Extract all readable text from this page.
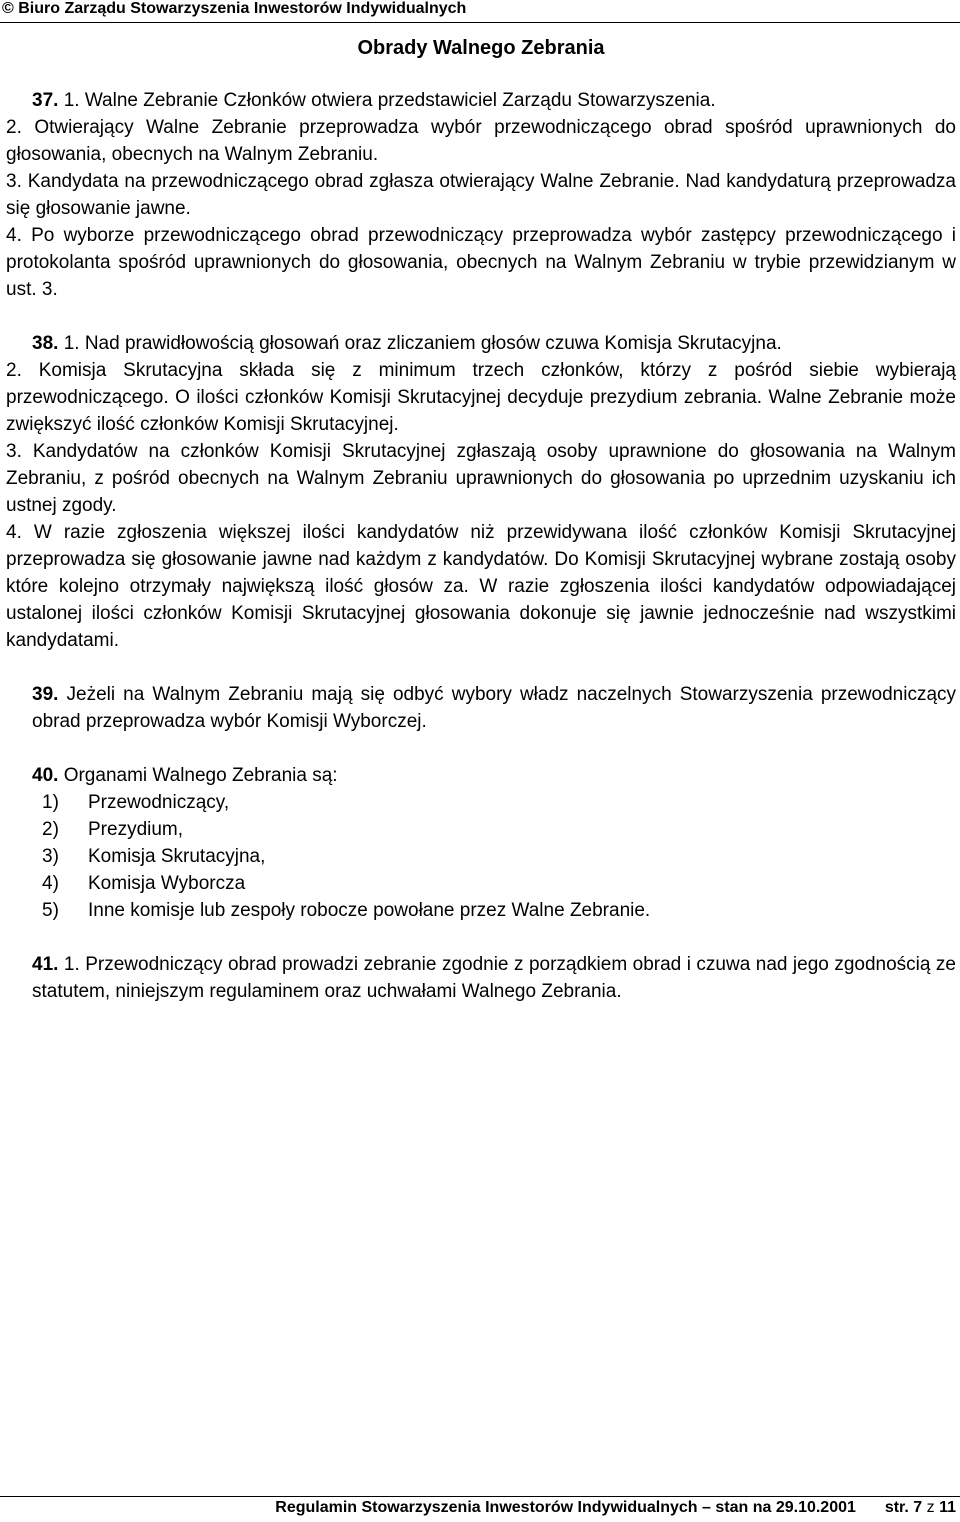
© Biuro Zarządu Stowarzyszenia Inwestorów Indywidualnych
Obrady Walnego Zebrania

37. 1. Walne Zebranie Członków otwiera przedstawiciel Zarządu Stowarzyszenia.

2. Otwierający Walne Zebranie przeprowadza wybór przewodniczącego obrad spośród uprawnionych do głosowania, obecnych na Walnym Zebraniu.

3. Kandydata na przewodniczącego obrad zgłasza otwierający Walne Zebranie. Nad kandydaturą przeprowadza się głosowanie jawne.

4. Po wyborze przewodniczącego obrad przewodniczący przeprowadza wybór zastępcy przewodniczącego i protokolanta spośród uprawnionych do głosowania, obecnych na Walnym Zebraniu w trybie przewidzianym w ust. 3.

38. 1. Nad prawidłowością głosowań oraz zliczaniem głosów czuwa Komisja Skrutacyjna.

2. Komisja Skrutacyjna składa się z minimum trzech członków, którzy z pośród siebie wybierają przewodniczącego. O ilości członków Komisji Skrutacyjnej decyduje prezydium zebrania. Walne Zebranie może zwiększyć ilość członków Komisji Skrutacyjnej.

3. Kandydatów na członków Komisji Skrutacyjnej zgłaszają osoby uprawnione do głosowania na Walnym Zebraniu, z pośród obecnych na Walnym Zebraniu uprawnionych do głosowania po uprzednim uzyskaniu ich ustnej zgody.

4. W razie zgłoszenia większej ilości kandydatów niż przewidywana ilość członków Komisji Skrutacyjnej przeprowadza się głosowanie jawne nad każdym z kandydatów. Do Komisji Skrutacyjnej wybrane zostają osoby które kolejno otrzymały największą ilość głosów za. W razie zgłoszenia ilości kandydatów odpowiadającej ustalonej ilości członków Komisji Skrutacyjnej głosowania dokonuje się jawnie jednocześnie nad wszystkimi kandydatami.

39. Jeżeli na Walnym Zebraniu mają się odbyć wybory władz naczelnych Stowarzyszenia przewodniczący obrad przeprowadza wybór Komisji Wyborczej.

40. Organami Walnego Zebrania są:

1)	Przewodniczący,
2)	Prezydium,
3)	Komisja Skrutacyjna,
4)	Komisja Wyborcza
5)	Inne komisje lub zespoły robocze powołane przez Walne Zebranie.

41. 1. Przewodniczący obrad prowadzi zebranie zgodnie z porządkiem obrad i czuwa nad jego zgodnością ze statutem, niniejszym regulaminem oraz uchwałami Walnego Zebrania.

Regulamin Stowarzyszenia Inwestorów Indywidualnych – stan na 29.10.2001 str. 7 z 11
